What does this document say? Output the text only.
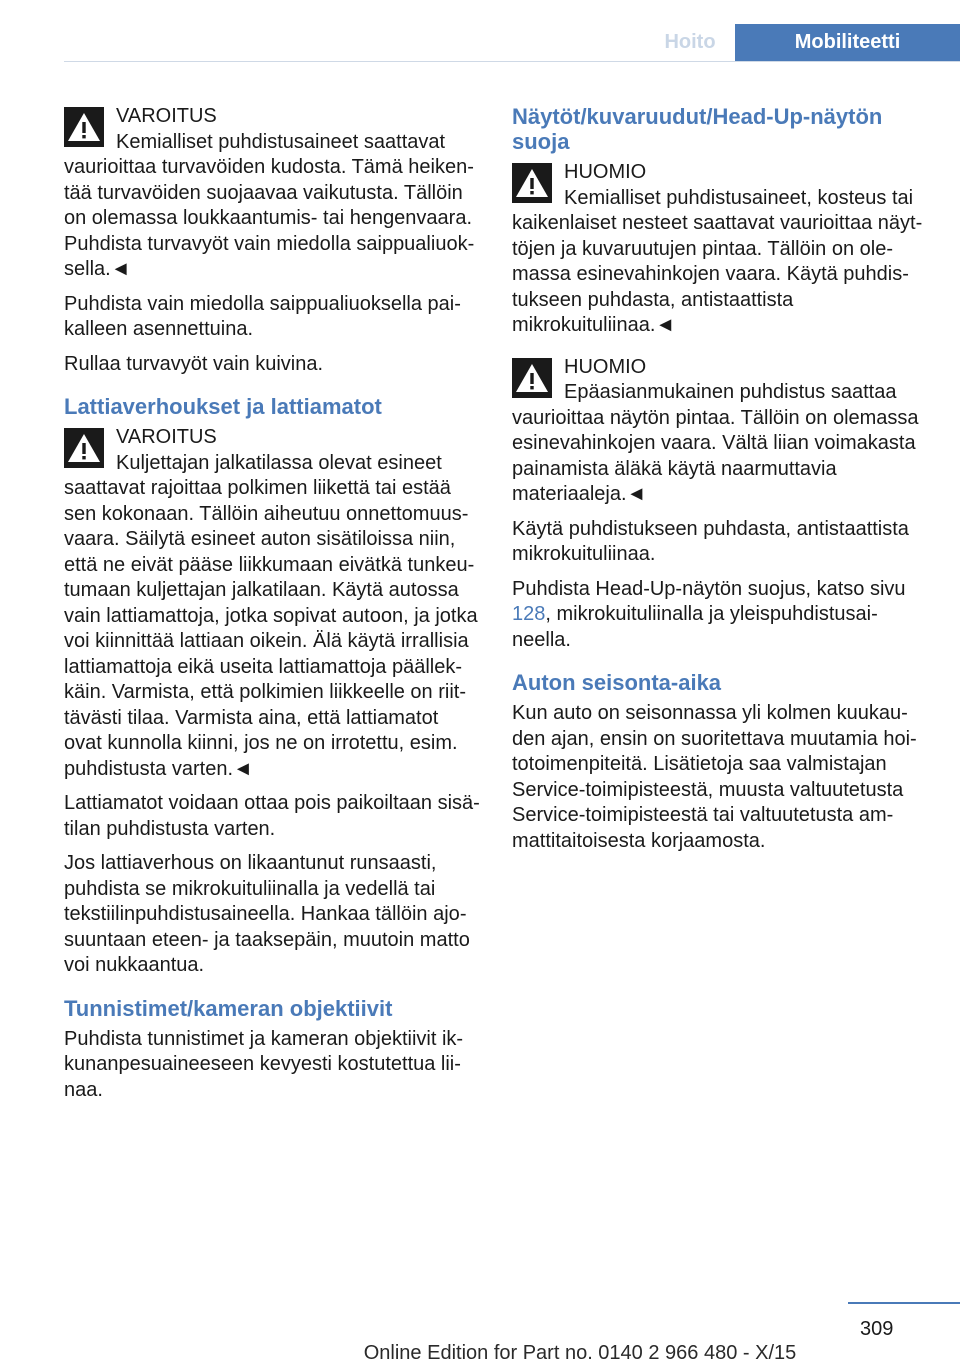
Hoito	Mobiliteetti
VAROITUS
Kemialliset puhdistusaineet saattavat

vaurioittaa turvavöiden kudosta. Tämä heikentää turvavöiden suojaavaa vaikutusta. Tällöin on olemassa loukkaantumis- tai hengenvaara. Puhdista turvavyöt vain miedolla saippualiuoksella.◄

Puhdista vain miedolla saippualiuoksella paikalleen asennettuina.

Rullaa turvavyöt vain kuivina.

Lattiaverhoukset ja lattiamatot
VAROITUS
Kuljettajan jalkatilassa olevat esineet

saattavat rajoittaa polkimen liikettä tai estää sen kokonaan. Tällöin aiheutuu onnettomuusvaara. Säilytä esineet auton sisätiloissa niin, että ne eivät pääse liikkumaan eivätkä tunkeutumaan kuljettajan jalkatilaan. Käytä autossa vain lattiamattoja, jotka sopivat autoon, ja jotka voi kiinnittää lattiaan oikein. Älä käytä irrallisia lattiamattoja eikä useita lattiamattoja päällekkäin. Varmista, että polkimien liikkeelle on riittävästi tilaa. Varmista aina, että lattiamatot ovat kunnolla kiinni, jos ne on irrotettu, esim. puhdistusta varten.◄

Lattiamatot voidaan ottaa pois paikoiltaan sisätilan puhdistusta varten.

Jos lattiaverhous on likaantunut runsaasti, puhdista se mikrokuituliinalla ja vedellä tai tekstiilinpuhdistusaineella. Hankaa tällöin ajosuuntaan eteen- ja taaksepäin, muutoin matto voi nukkaantua.

Tunnistimet/kameran objektiivit

Puhdista tunnistimet ja kameran objektiivit ikkunanpesuaineeseen kevyesti kostutettua liinaa.

Näytöt/kuvaruudut/Head-Up-näytön suoja
HUOMIO
Kemialliset puhdistusaineet, kosteus tai

kaikenlaiset nesteet saattavat vaurioittaa näyttöjen ja kuvaruutujen pintaa. Tällöin on olemassa esinevahinkojen vaara. Käytä puhdistukseen puhdasta, antistaattista mikrokuituliinaa.◄

HUOMIO
Epäasianmukainen puhdistus saattaa

vaurioittaa näytön pintaa. Tällöin on olemassa esinevahinkojen vaara. Vältä liian voimakasta painamista äläkä käytä naarmuttavia materiaaleja.◄

Käytä puhdistukseen puhdasta, antistaattista mikrokuituliinaa.

Puhdista Head-Up-näytön suojus, katso sivu 128, mikrokuituliinalla ja yleispuhdistusaineella.

Auton seisonta-aika

Kun auto on seisonnassa yli kolmen kuukauden ajan, ensin on suoritettava muutamia hoitotoimenpiteitä. Lisätietoja saa valmistajan Service-toimipisteestä, muusta valtuutetusta Service-toimipisteestä tai valtuutetusta ammattitaitoisesta korjaamosta.

309
Online Edition for Part no. 0140 2 966 480 - X/15
